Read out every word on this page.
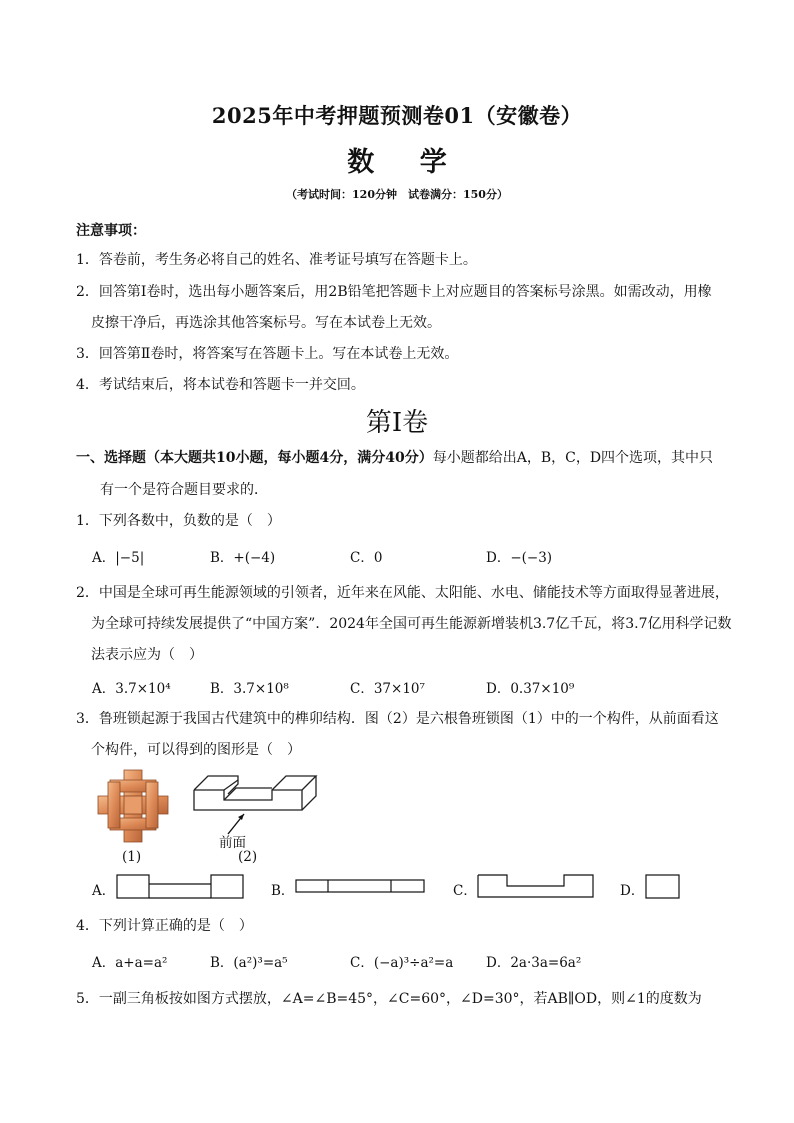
2025年中考押题预测卷01（安徽卷）
数 学
（考试时间：120分钟　试卷满分：150分）
注意事项：
1．答卷前，考生务必将自己的姓名、准考证号填写在答题卡上。
2．回答第Ⅰ卷时，选出每小题答案后，用2B铅笔把答题卡上对应题目的答案标号涂黑。如需改动，用橡
皮擦干净后，再选涂其他答案标号。写在本试卷上无效。
3．回答第Ⅱ卷时，将答案写在答题卡上。写在本试卷上无效。
4．考试结束后，将本试卷和答题卡一并交回。
第Ⅰ卷
一、选择题（本大题共10小题，每小题4分，满分40分）每小题都给出A，B，C，D四个选项，其中只
有一个是符合题目要求的．
1．下列各数中，负数的是（　）
A．|−5|	B．+(−4)	C．0	D．−(−3)
2．中国是全球可再生能源领域的引领者，近年来在风能、太阳能、水电、储能技术等方面取得显著进展，
为全球可持续发展提供了“中国方案”．2024年全国可再生能源新增装机3.7亿千瓦，将3.7亿用科学记数
法表示应为（　）
A．3.7×10⁴	B．3.7×10⁸	C．37×10⁷	D．0.37×10⁹
3．鲁班锁起源于我国古代建筑中的榫卯结构．图（2）是六根鲁班锁图（1）中的一个构件，从前面看这
个构件，可以得到的图形是（　）
(1)
前面
(2)
A．	B．	C．	D．
4．下列计算正确的是（　）
A．a+a=a²	B．(a²)³=a⁵	C．(−a)³÷a²=a D．2a·3a=6a²
5．一副三角板按如图方式摆放，∠A=∠B=45°，∠C=60°，∠D=30°，若AB∥OD，则∠1的度数为
